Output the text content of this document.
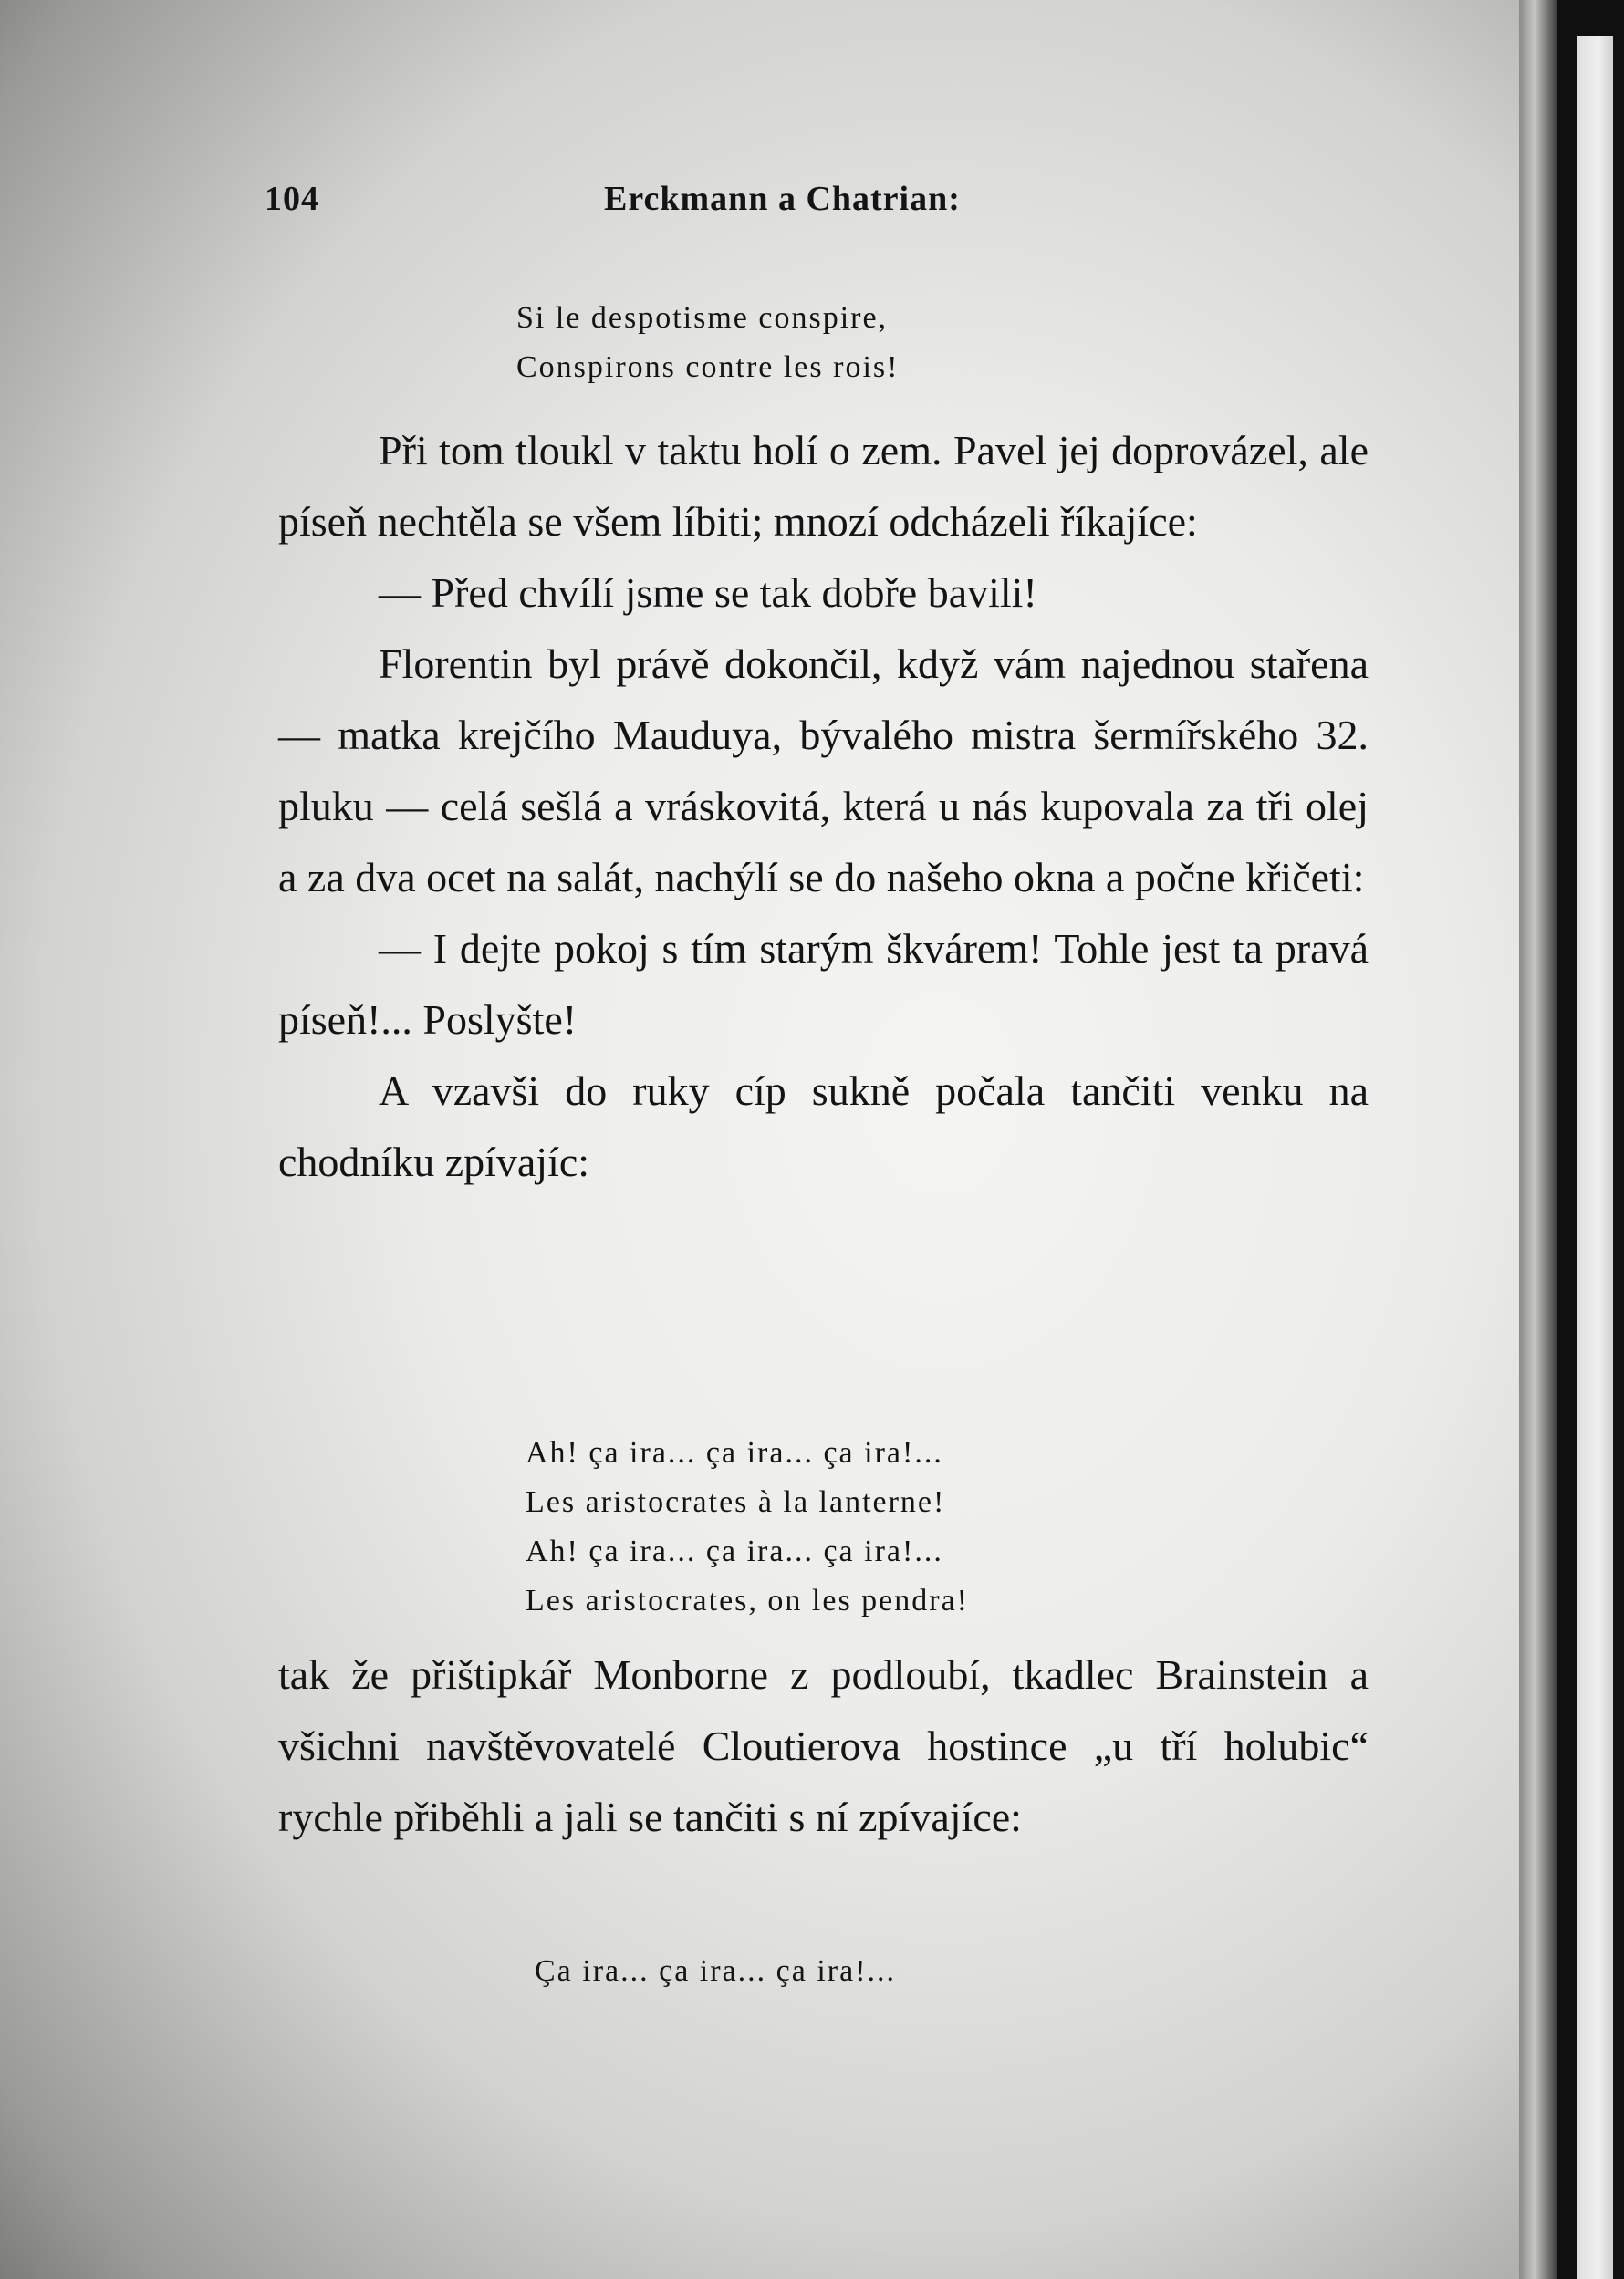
104	Erckmann a Chatrian:
Si le despotisme conspire,
Conspirons contre les rois!

Při tom tloukl v taktu holí o zem. Pavel jej doprovázel, ale píseň nechtěla se všem líbiti; mnozí odcházeli říkajíce:

— Před chvílí jsme se tak dobře bavili!

Florentin byl právě dokončil, když vám najednou stařena — matka krejčího Mauduya, bývalého mistra šermířského 32. pluku — celá sešlá a vráskovitá, která u nás kupovala za tři olej a za dva ocet na salát, nachýlí se do našeho okna a počne křičeti:

— I dejte pokoj s tím starým škvárem! Tohle jest ta pravá píseň!... Poslyšte!

A vzavši do ruky cíp sukně počala tančiti venku na chodníku zpívajíc:

Ah! ça ira... ça ira... ça ira!...
Les aristocrates à la lanterne!
Ah! ça ira... ça ira... ça ira!...
Les aristocrates, on les pendra!

tak že přištipkář Monborne z podloubí, tkadlec Brainstein a všichni navštěvovatelé Cloutierova hostince „u tří holubic“ rychle přiběhli a jali se tančiti s ní zpívajíce:

Ça ira... ça ira... ça ira!...
